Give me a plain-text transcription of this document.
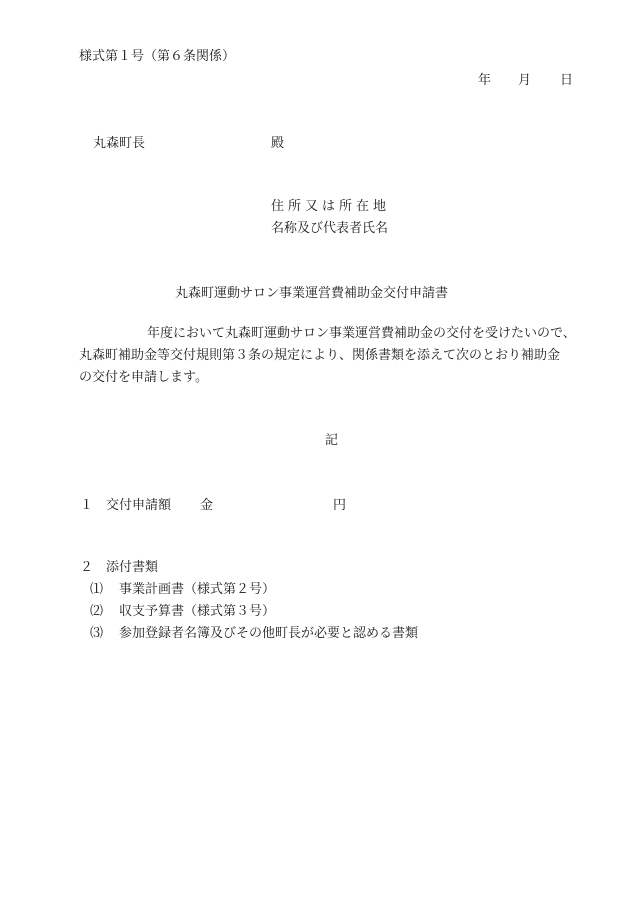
様式第１号（第６条関係）
年 月 日
丸森町長	殿
住所又は所在地
名称及び代表者氏名
丸森町運動サロン事業運営費補助金交付申請書
年度において丸森町運動サロン事業運営費補助金の交付を受けたいので、
丸森町補助金等交付規則第３条の規定により、関係書類を添えて次のとおり補助金
の交付を申請します。
記
１ 交付申請額 金	円
２ 添付書類
⑴ 事業計画書（様式第２号）
⑵ 収支予算書（様式第３号）
⑶ 参加登録者名簿及びその他町長が必要と認める書類
